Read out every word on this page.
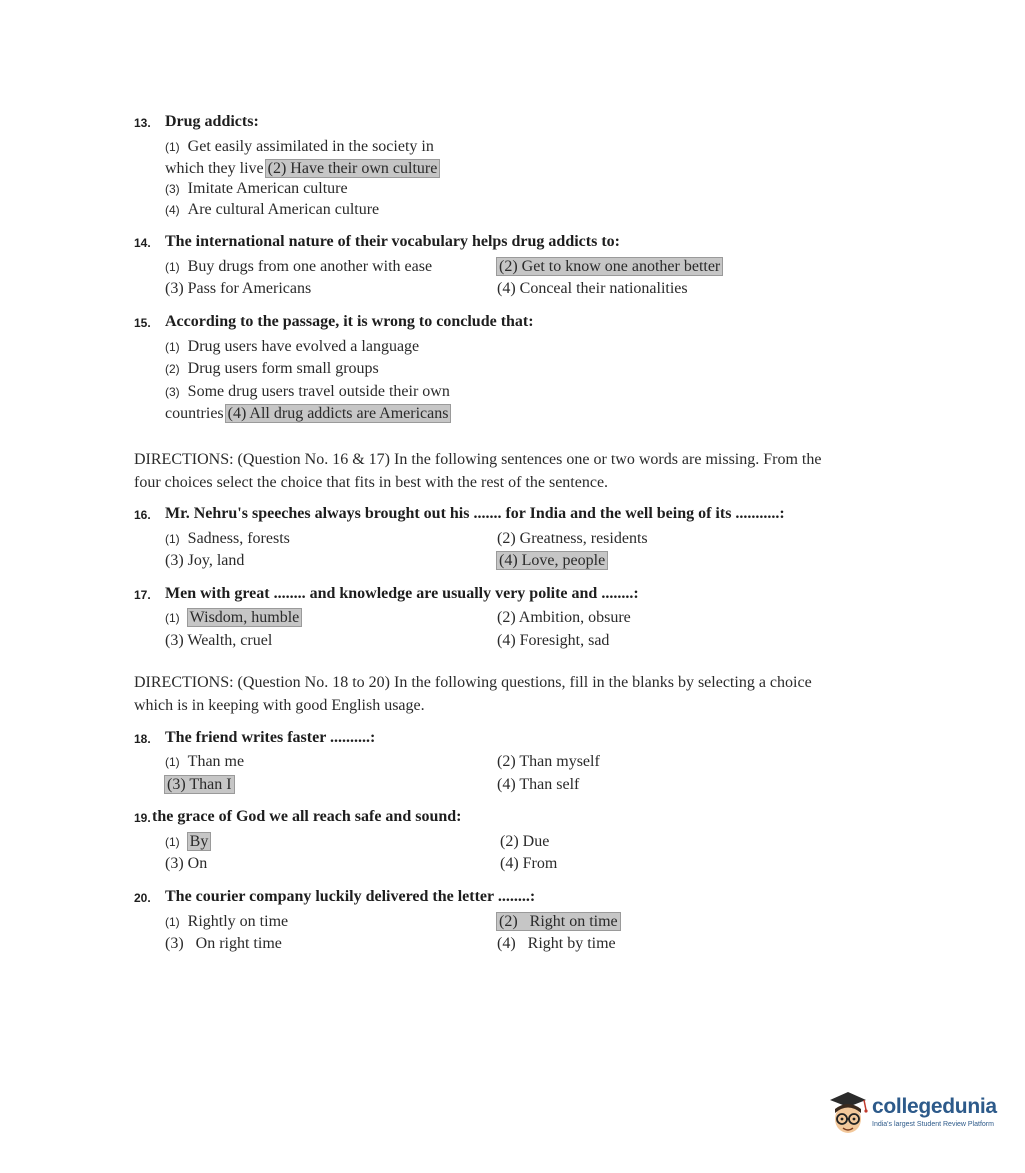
13. Drug addicts:
(1) Get easily assimilated in the society in
which they live (2) Have their own culture
(3) Imitate American culture
(4) Are cultural American culture
14. The international nature of their vocabulary helps drug addicts to:
(1) Buy drugs from one another with ease	(2) Get to know one another better
(3) Pass for Americans	(4) Conceal their nationalities
15. According to the passage, it is wrong to conclude that:
(1) Drug users have evolved a language
(2) Drug users form small groups
(3) Some drug users travel outside their own
countries (4) All drug addicts are Americans
DIRECTIONS: (Question No. 16 & 17) In the following sentences one or two words are missing. From the
four choices select the choice that fits in best with the rest of the sentence.
16. Mr. Nehru's speeches always brought out his ....... for India and the well being of its ...........:
(1) Sadness, forests	(2) Greatness, residents
(3) Joy, land	(4) Love, people
17. Men with great ........ and knowledge are usually very polite and ........:
(1) Wisdom, humble	(2) Ambition, obsure
(3) Wealth, cruel	(4) Foresight, sad
DIRECTIONS: (Question No. 18 to 20) In the following questions, fill in the blanks by selecting a choice
which is in keeping with good English usage.
18. The friend writes faster ..........:
(1) Than me	(2) Than myself
(3) Than I	(4) Than self
19. the grace of God we all reach safe and sound:
(1) By	(2) Due
(3) On	(4) From
20. The courier company luckily delivered the letter ........:
(1) Rightly on time	(2)   Right on time
(3)   On right time	(4)   Right by time
collegedunia
India's largest Student Review Platform
